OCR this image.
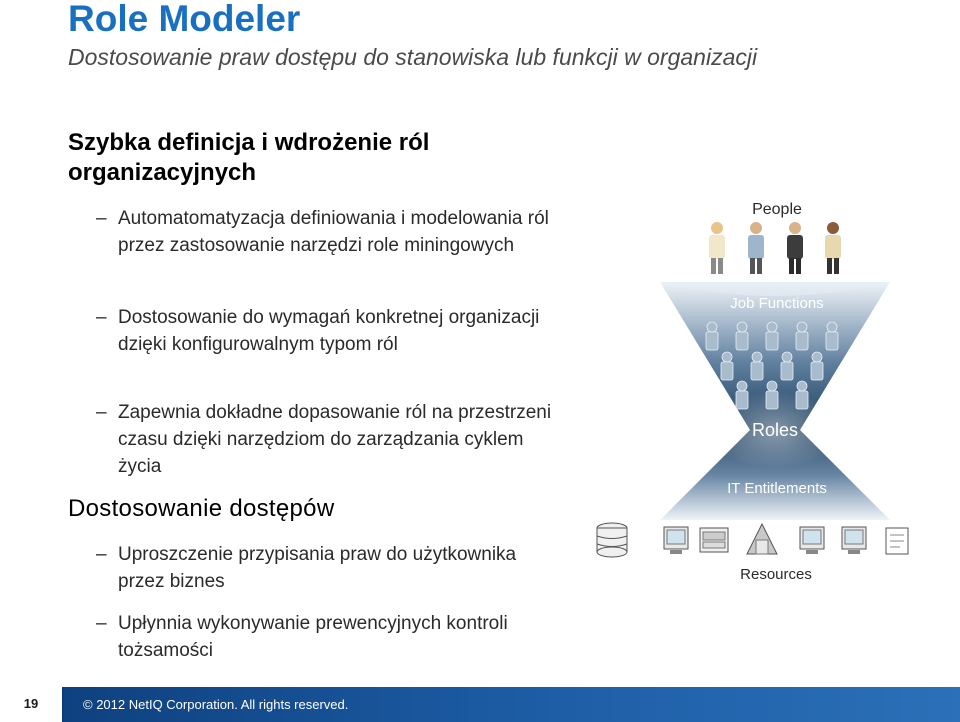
Role Modeler

Dostosowanie praw dostępu do stanowiska lub funkcji w organizacji

Szybka definicja i wdrożenie ról organizacyjnych

– Automatomatyzacja definiowania i modelowania ról przez zastosowanie narzędzi role miningowych
– Dostosowanie do wymagań konkretnej organizacji dzięki konfigurowalnym typom ról
– Zapewnia dokładne dopasowanie ról na przestrzeni czasu dzięki narzędziom do zarządzania cyklem życia

Dostosowanie dostępów

– Uproszczenie przypisania praw do użytkownika przez biznes
– Upłynnia wykonywanie prewencyjnych kontroli tożsamości
People
Job Functions
Roles
IT Entitlements
Resources
19	© 2012 NetIQ Corporation. All rights reserved.
